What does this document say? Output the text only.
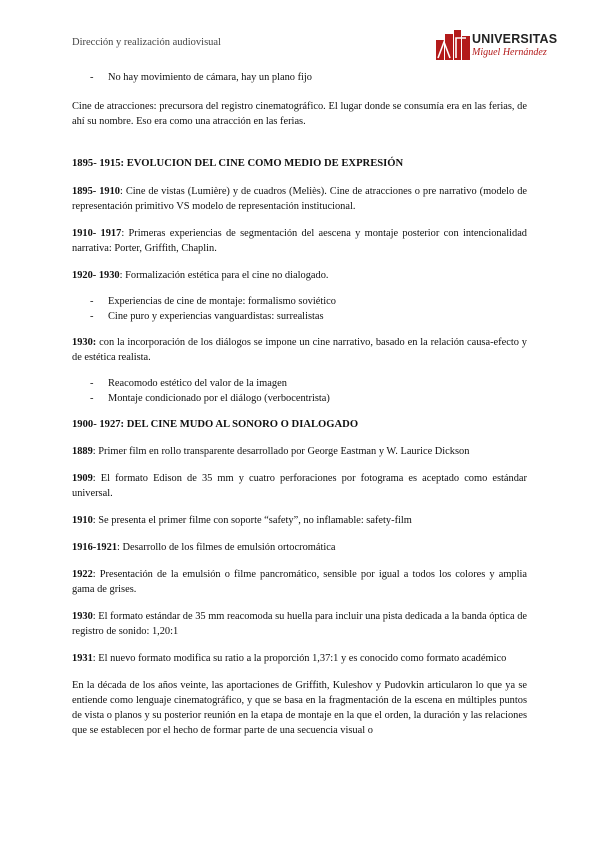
Dirección y realización audiovisual	UNIVERSITAS
Miguel Hernández
- No hay movimiento de cámara, hay un plano fijo

Cine de atracciones: precursora del registro cinematográfico. El lugar donde se consumía era en las ferias, de ahí su nombre. Eso era como una atracción en las ferias.

1895- 1915: EVOLUCION DEL CINE COMO MEDIO DE EXPRESIÓN

1895- 1910: Cine de vistas (Lumière) y de cuadros (Meliès). Cine de atracciones o pre narrativo (modelo de representación primitivo VS modelo de representación institucional.

1910- 1917: Primeras experiencias de segmentación del aescena y montaje posterior con intencionalidad narrativa: Porter, Griffith, Chaplin.

1920- 1930: Formalización estética para el cine no dialogado.

- Experiencias de cine de montaje: formalismo soviético
- Cine puro y experiencias vanguardistas: surrealistas

1930: con la incorporación de los diálogos se impone un cine narrativo, basado en la relación causa-efecto y de estética realista.

- Reacomodo estético del valor de la imagen
- Montaje condicionado por el diálogo (verbocentrista)
1900- 1927: DEL CINE MUDO AL SONORO O DIALOGADO

1889: Primer film en rollo transparente desarrollado por George Eastman y W. Laurice Dickson

1909: El formato Edison de 35 mm y cuatro perforaciones por fotograma es aceptado como estándar universal.

1910: Se presenta el primer filme con soporte “safety”, no inflamable: safety-film

1916-1921: Desarrollo de los filmes de emulsión ortocromática

1922: Presentación de la emulsión o filme pancromático, sensible por igual a todos los colores y amplia gama de grises.

1930: El formato estándar de 35 mm reacomoda su huella para incluir una pista dedicada a la banda óptica de registro de sonido: 1,20:1

1931: El nuevo formato modifica su ratio a la proporción 1,37:1 y es conocido como formato académico

En la década de los años veinte, las aportaciones de Griffith, Kuleshov y Pudovkin articularon lo que ya se entiende como lenguaje cinematográfico, y que se basa en la fragmentación de la escena en múltiples puntos de vista o planos y su posterior reunión en la etapa de montaje en la que el orden, la duración y las relaciones que se establecen por el hecho de formar parte de una secuencia visual o
